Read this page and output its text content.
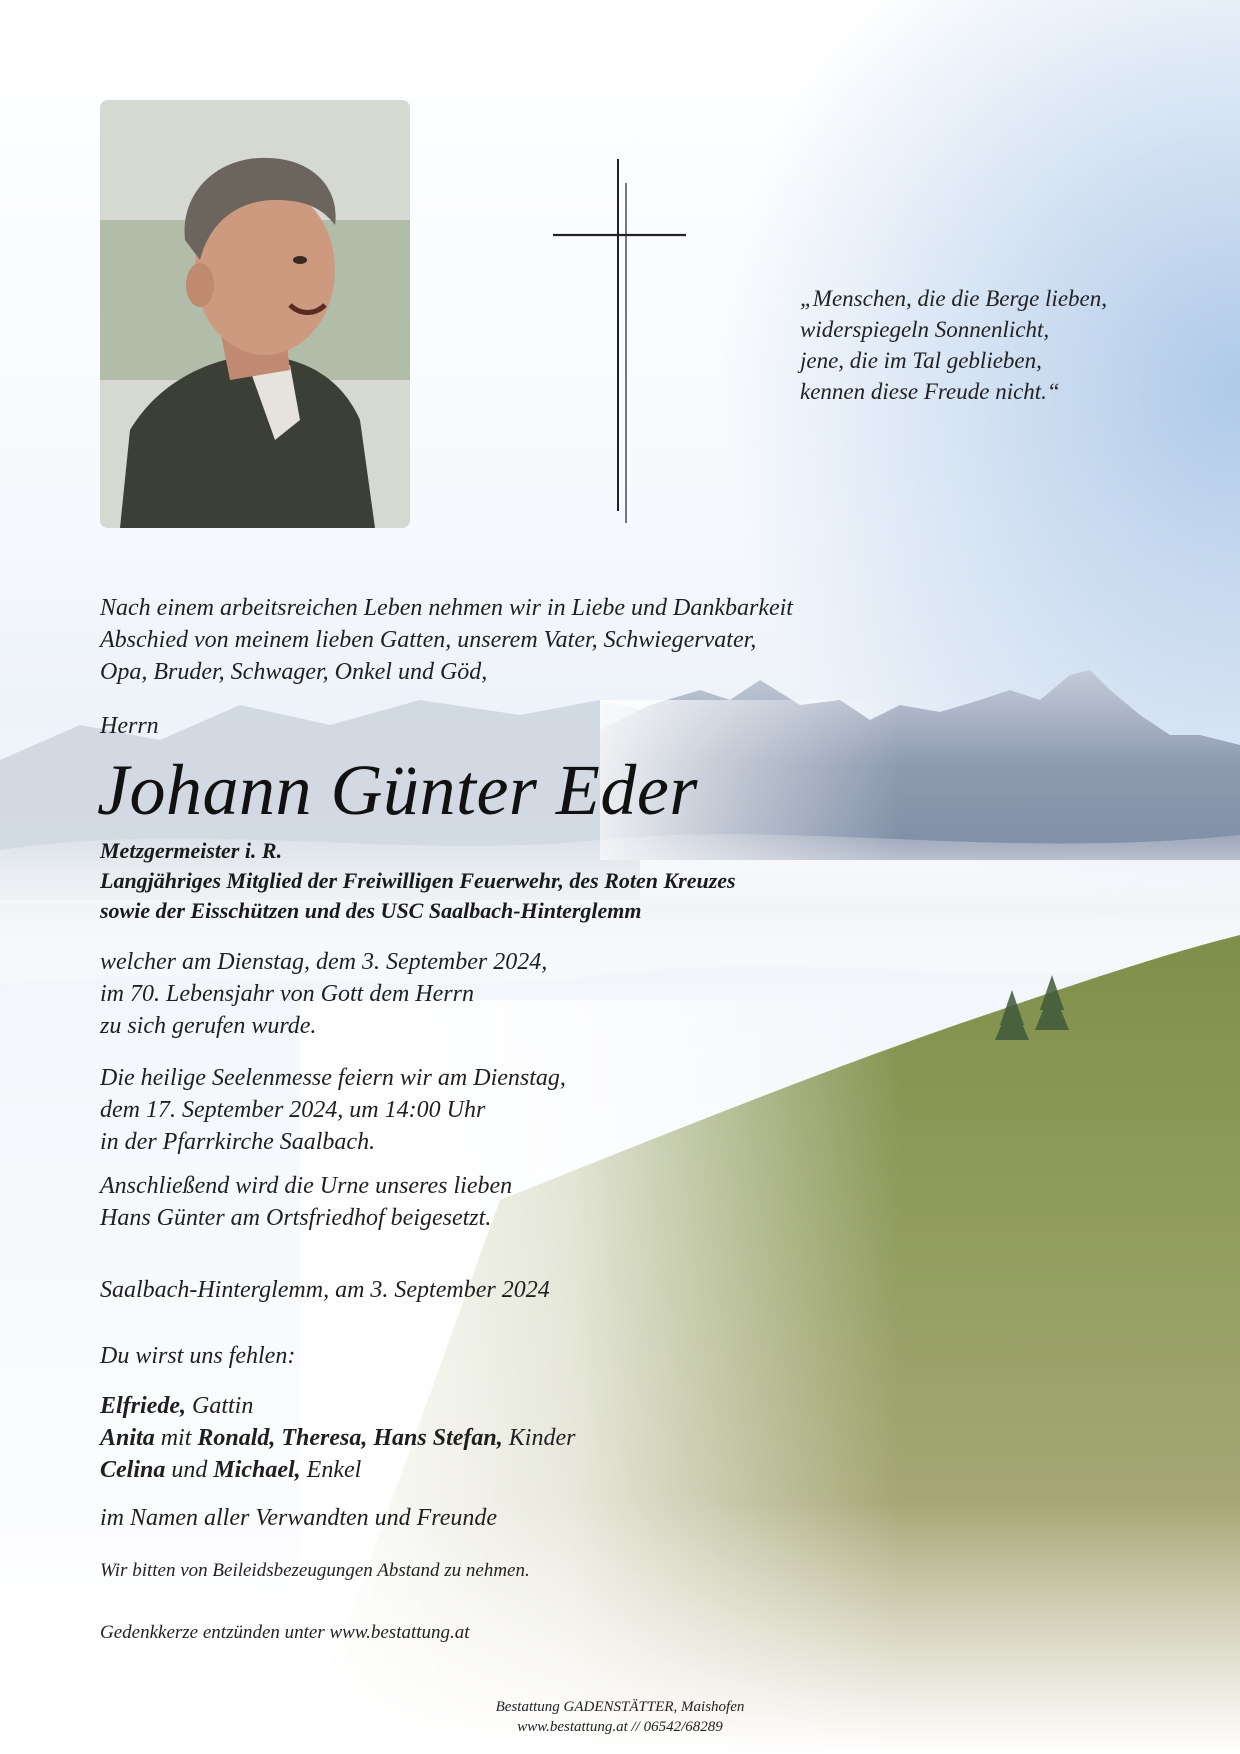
„Menschen, die die Berge lieben,
widerspiegeln Sonnenlicht,
jene, die im Tal geblieben,
kennen diese Freude nicht.“
Nach einem arbeitsreichen Leben nehmen wir in Liebe und Dankbarkeit
Abschied von meinem lieben Gatten, unserem Vater, Schwiegervater,
Opa, Bruder, Schwager, Onkel und Göd,
Herrn
Johann Günter Eder
Metzgermeister i. R.
Langjähriges Mitglied der Freiwilligen Feuerwehr, des Roten Kreuzes
sowie der Eisschützen und des USC Saalbach-Hinterglemm
welcher am Dienstag, dem 3. September 2024,
im 70. Lebensjahr von Gott dem Herrn
zu sich gerufen wurde.
Die heilige Seelenmesse feiern wir am Dienstag,
dem 17. September 2024, um 14:00 Uhr
in der Pfarrkirche Saalbach.
Anschließend wird die Urne unseres lieben
Hans Günter am Ortsfriedhof beigesetzt.
Saalbach-Hinterglemm, am 3. September 2024
Du wirst uns fehlen:
Elfriede, Gattin
Anita mit Ronald, Theresa, Hans Stefan, Kinder
Celina und Michael, Enkel
im Namen aller Verwandten und Freunde
Wir bitten von Beileidsbezeugungen Abstand zu nehmen.
Gedenkkerze entzünden unter www.bestattung.at
Bestattung GADENSTÄTTER, Maishofen
www.bestattung.at // 06542/68289
